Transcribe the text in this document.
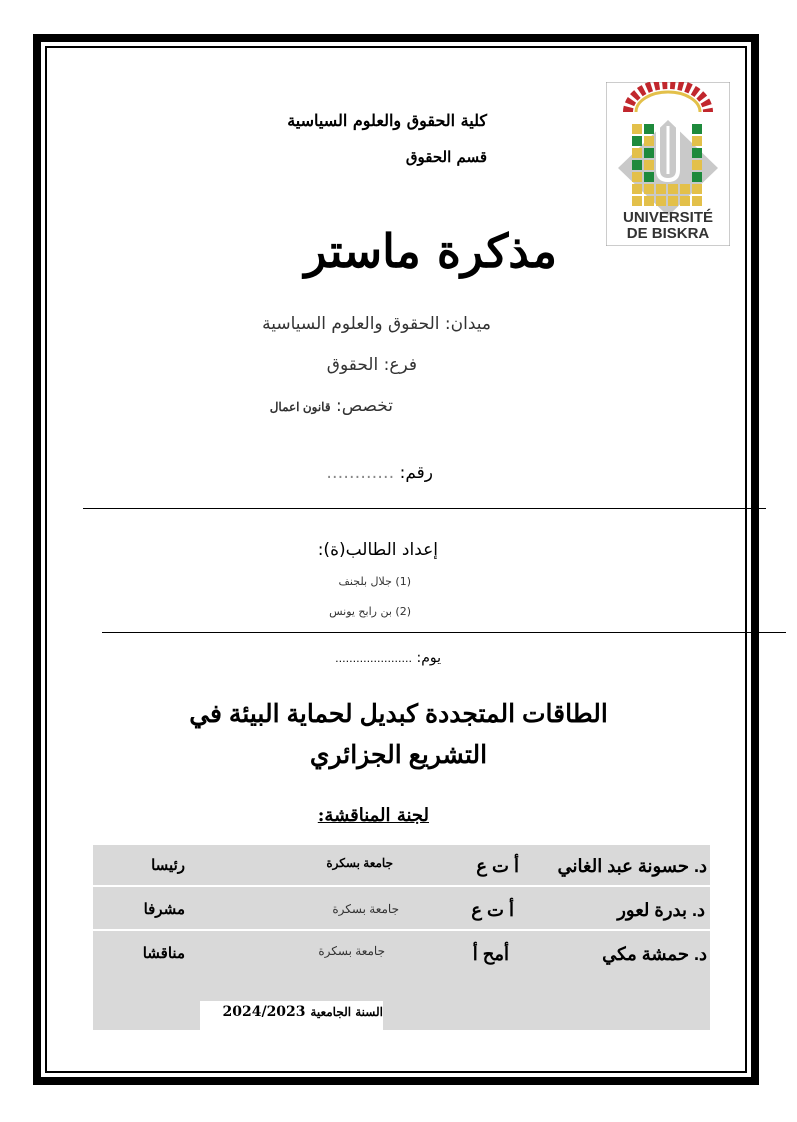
UNIVERSITÉ
DE BISKRA
كلية الحقوق والعلوم السياسية
قسم الحقوق
مذكرة ماستر
ميدان: الحقوق والعلوم السياسية
فرع: الحقوق
تخصص: قانون اعمال
رقم: …………
إعداد الطالب(ة):
(1) جلال بلجنف
(2) بن رابح يونس
يوم: ......................
الطاقات المتجددة كبديل لحماية البيئة في
التشريع الجزائري
لجنة المناقشة:
د. حسونة عبد الغاني
أ ت ع
جامعة بسكرة
رئيسا
د. بدرة لعور
أ ت ع
جامعة بسكرة
مشرفا
د. حمشة مكي
أمح أ
جامعة بسكرة
مناقشا
السنة الجامعية 2024/2023
